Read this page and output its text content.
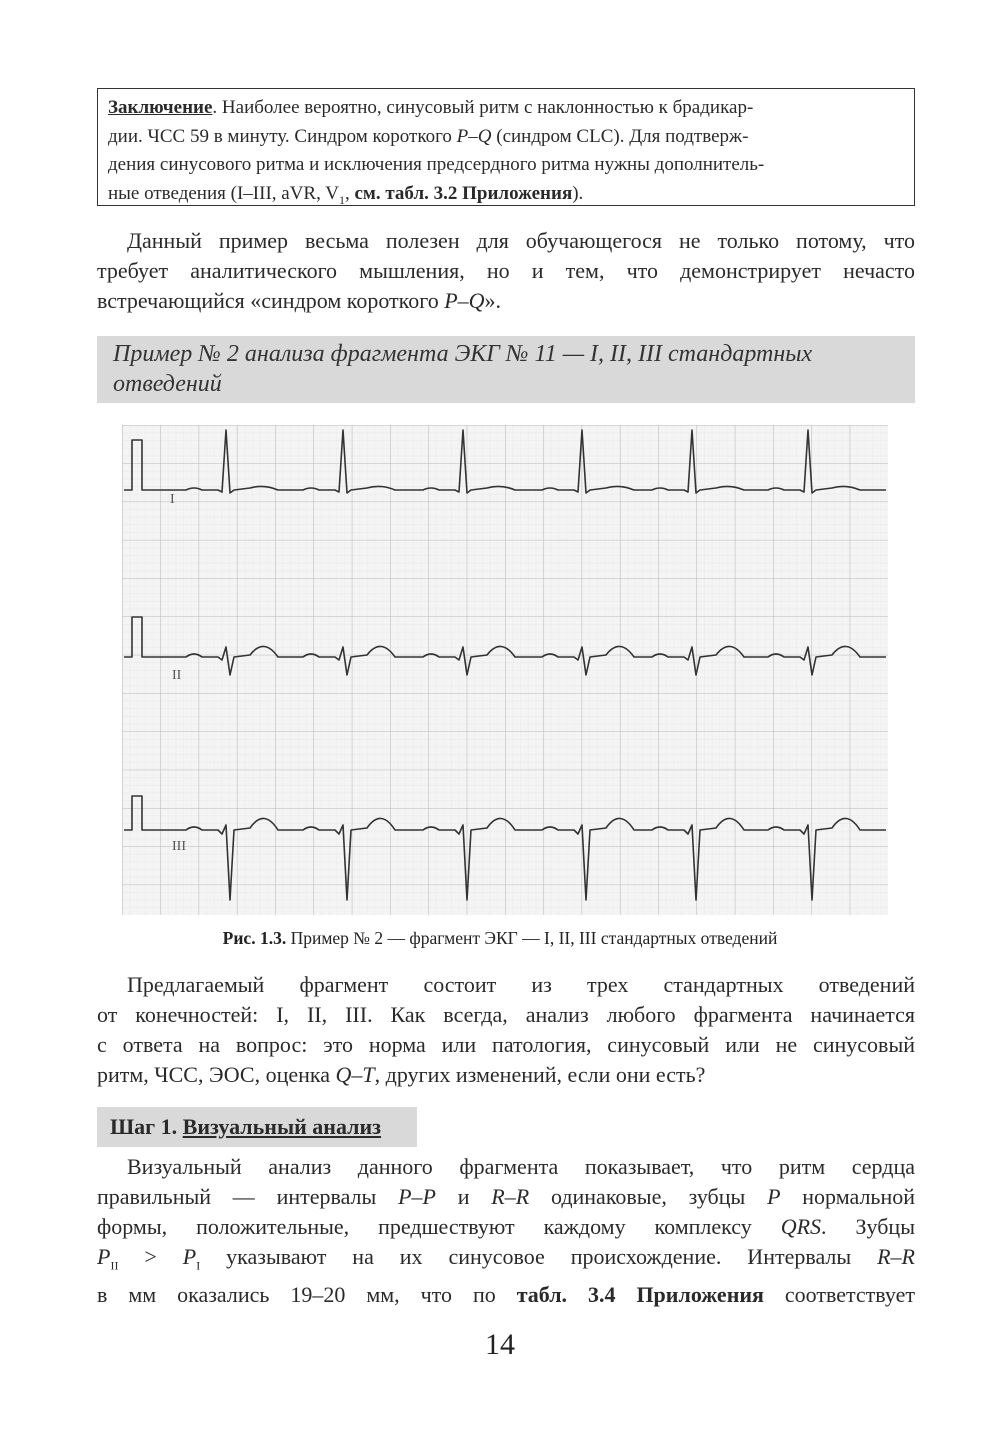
Заключение. Наиболее вероятно, синусовый ритм с наклонностью к брадикар-
дии. ЧСС 59 в минуту. Синдром короткого P–Q (синдром CLC). Для подтверж-
дения синусового ритма и исключения предсердного ритма нужны дополнитель-
ные отведения (I–III, aVR, $V_1$, см. табл. 3.2 Приложения).
Данный пример весьма полезен для обучающегося не только потому, что
требует аналитического мышления, но и тем, что демонстрирует нечасто
встречающийся «синдром короткого P–Q».
Пример № 2 анализа фрагмента ЭКГ № 11 — I, II, III стандартных
отведений
I
II
III
Рис. 1.3. Пример № 2 — фрагмент ЭКГ — I, II, III стандартных отведений
Предлагаемый фрагмент состоит из трех стандартных отведений
от конечностей: I, II, III. Как всегда, анализ любого фрагмента начинается
с ответа на вопрос: это норма или патология, синусовый или не синусовый
ритм, ЧСС, ЭОС, оценка Q–T, других изменений, если они есть?
Шаг 1. Визуальный анализ
Визуальный анализ данного фрагмента показывает, что ритм сердца
правильный — интервалы P–P и R–R одинаковые, зубцы P нормальной
формы, положительные, предшествуют каждому комплексу QRS. Зубцы
$P_{II} > P_I$ указывают на их синусовое происхождение. Интервалы R–R
в мм оказались 19–20 мм, что по табл. 3.4 Приложения соответствует
14
